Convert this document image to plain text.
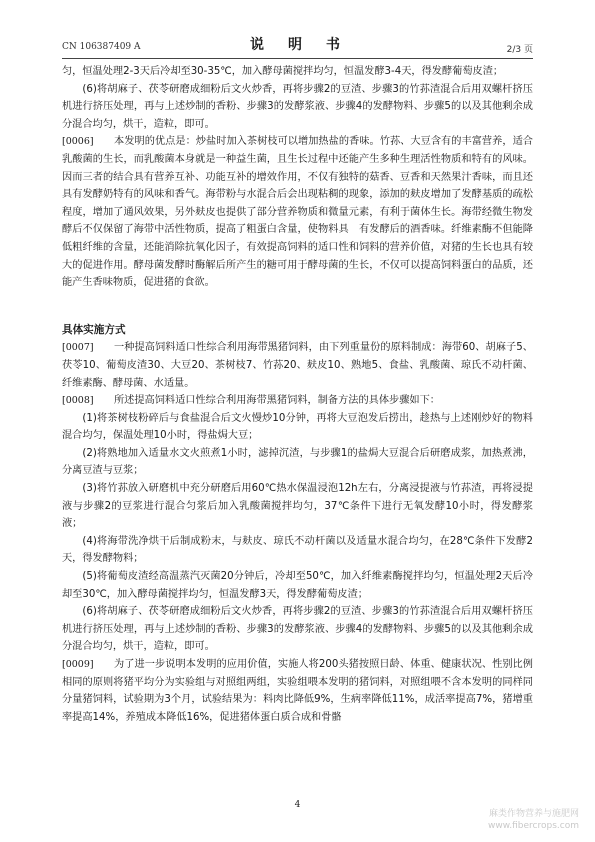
CN 106387409 A	说　明　书	2/3 页

匀，恒温处理2-3天后冷却至30-35℃，加入酵母菌搅拌均匀，恒温发酵3-4天，得发酵葡萄皮渣；

(6)将胡麻子、茯苓研磨成细粉后文火炒香，再将步骤2的豆渣、步骤3的竹荪渣混合后用双螺杆挤压机进行挤压处理，再与上述炒制的香粉、步骤3的发酵浆液、步骤4的发酵物料、步骤5的以及其他剩余成分混合均匀，烘干，造粒，即可。

[0006] 本发明的优点是：炒盐时加入茶树枝可以增加热盐的香味。竹荪、大豆含有的丰富营养，适合乳酸菌的生长，而乳酸菌本身就是一种益生菌，且生长过程中还能产生多种生理活性物质和特有的风味。因而三者的结合具有营养互补、功能互补的增效作用，不仅有独特的菇香、豆香和天然果汁香味，而且还具有发酵奶特有的风味和香气。海带粉与水混合后会出现粘稠的现象，添加的麸皮增加了发酵基质的疏松程度，增加了通风效果，另外麸皮也提供了部分营养物质和微量元素，有利于菌体生长。海带经微生物发酵后不仅保留了海带中活性物质，提高了粗蛋白含量，使物料具　有发酵后的酒香味。纤维素酶不但能降低粗纤维的含量，还能消除抗氧化因子，有效提高饲料的适口性和饲料的营养价值，对猪的生长也具有较大的促进作用。酵母菌发酵时酶解后所产生的糖可用于酵母菌的生长，不仅可以提高饲料蛋白的品质，还能产生香味物质，促进猪的食欲。

具体实施方式

[0007] 一种提高饲料适口性综合利用海带黑猪饲料，由下列重量份的原料制成：海带60、胡麻子5、茯苓10、葡萄皮渣30、大豆20、茶树枝7、竹荪20、麸皮10、熟地5、食盐、乳酸菌、琼氏不动杆菌、纤维素酶、酵母菌、水适量。

[0008] 所述提高饲料适口性综合利用海带黑猪饲料，制备方法的具体步骤如下：

(1)将茶树枝粉碎后与食盐混合后文火慢炒10分钟，再将大豆泡发后捞出，趁热与上述刚炒好的物料混合均匀，保温处理10小时，得盐焗大豆；

(2)将熟地加入适量水文火煎煮1小时，滤掉沉渣，与步骤1的盐焗大豆混合后研磨成浆，加热煮沸，分离豆渣与豆浆；

(3)将竹荪放入研磨机中充分研磨后用60℃热水保温浸泡12h左右，分离浸提液与竹荪渣，再将浸提液与步骤2的豆浆进行混合匀浆后加入乳酸菌搅拌均匀，37℃条件下进行无氧发酵10小时，得发酵浆液；

(4)将海带洗净烘干后制成粉末，与麸皮、琼氏不动杆菌以及适量水混合均匀，在28℃条件下发酵2天，得发酵物料；

(5)将葡萄皮渣经高温蒸汽灭菌20分钟后，冷却至50℃，加入纤维素酶搅拌均匀，恒温处理2天后冷却至30℃，加入酵母菌搅拌均匀，恒温发酵3天，得发酵葡萄皮渣；

(6)将胡麻子、茯苓研磨成细粉后文火炒香，再将步骤2的豆渣、步骤3的竹荪渣混合后用双螺杆挤压机进行挤压处理，再与上述炒制的香粉、步骤3的发酵浆液、步骤4的发酵物料、步骤5的以及其他剩余成分混合均匀，烘干，造粒，即可。

[0009] 为了进一步说明本发明的应用价值，实施人将200头猪按照日龄、体重、健康状况、性别比例相同的原则将猪平均分为实验组与对照组两组，实验组喂本发明的猪饲料，对照组喂不含本发明的同样同分量猪饲料，试验期为3个月，试验结果为：料肉比降低9%，生病率降低11%，成活率提高7%，猪增重率提高14%，养殖成本降低16%，促进猪体蛋白质合成和骨骼

4
麻类作物营养与施肥网
www.fibercrops.com
